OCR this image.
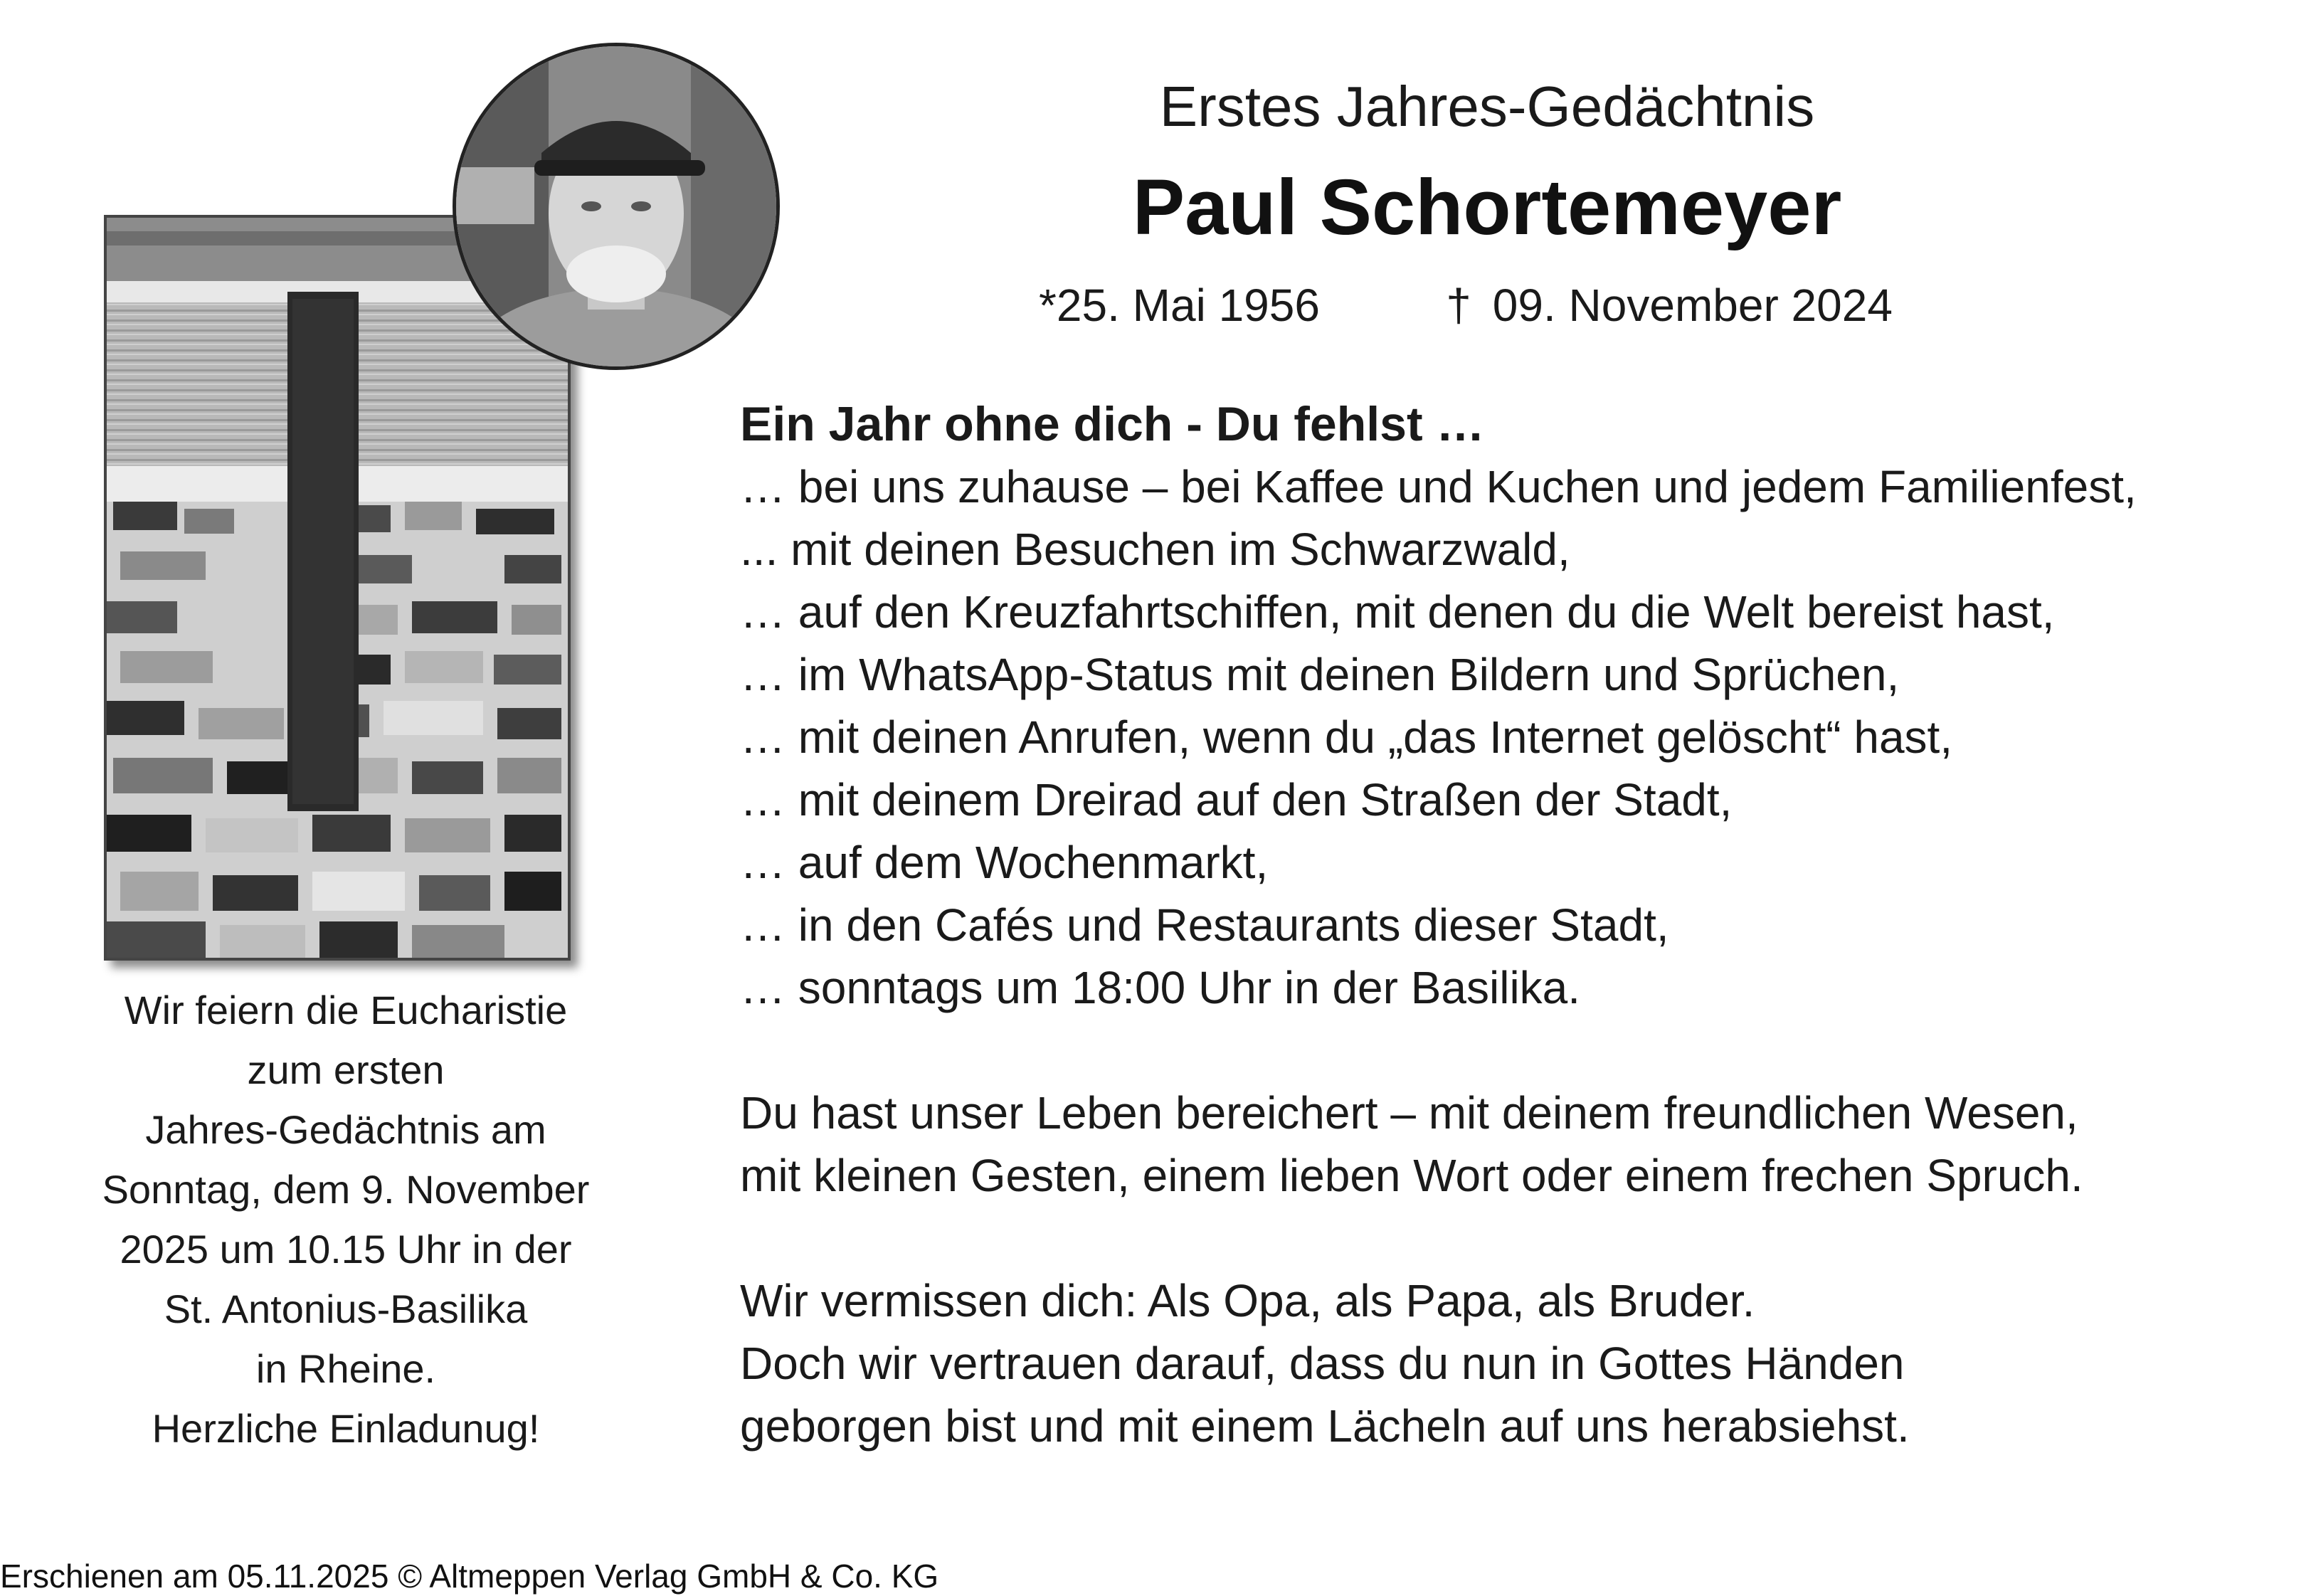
Erstes Jahres-Gedächtnis
Paul Schortemeyer
*25. Mai 1956	† 09. November 2024
Ein Jahr ohne dich - Du fehlst …
… bei uns zuhause – bei Kaffee und Kuchen und jedem Familienfest,
... mit deinen Besuchen im Schwarzwald,
… auf den Kreuzfahrtschiffen, mit denen du die Welt bereist hast,
… im WhatsApp-Status mit deinen Bildern und Sprüchen,
… mit deinen Anrufen, wenn du „das Internet gelöscht“ hast,
… mit deinem Dreirad auf den Straßen der Stadt,
… auf dem Wochenmarkt,
… in den Cafés und Restaurants dieser Stadt,
… sonntags um 18:00 Uhr in der Basilika.
Du hast unser Leben bereichert – mit deinem freundlichen Wesen,
mit kleinen Gesten, einem lieben Wort oder einem frechen Spruch.
Wir vermissen dich: Als Opa, als Papa, als Bruder.
Doch wir vertrauen darauf, dass du nun in Gottes Händen
geborgen bist und mit einem Lächeln auf uns herabsiehst.
Wir feiern die Eucharistie
zum ersten
Jahres-Gedächtnis am
Sonntag, dem 9. November
2025 um 10.15 Uhr in der
St. Antonius-Basilika
in Rheine.
Herzliche Einladunug!
Erschienen am 05.11.2025 © Altmeppen Verlag GmbH & Co. KG
